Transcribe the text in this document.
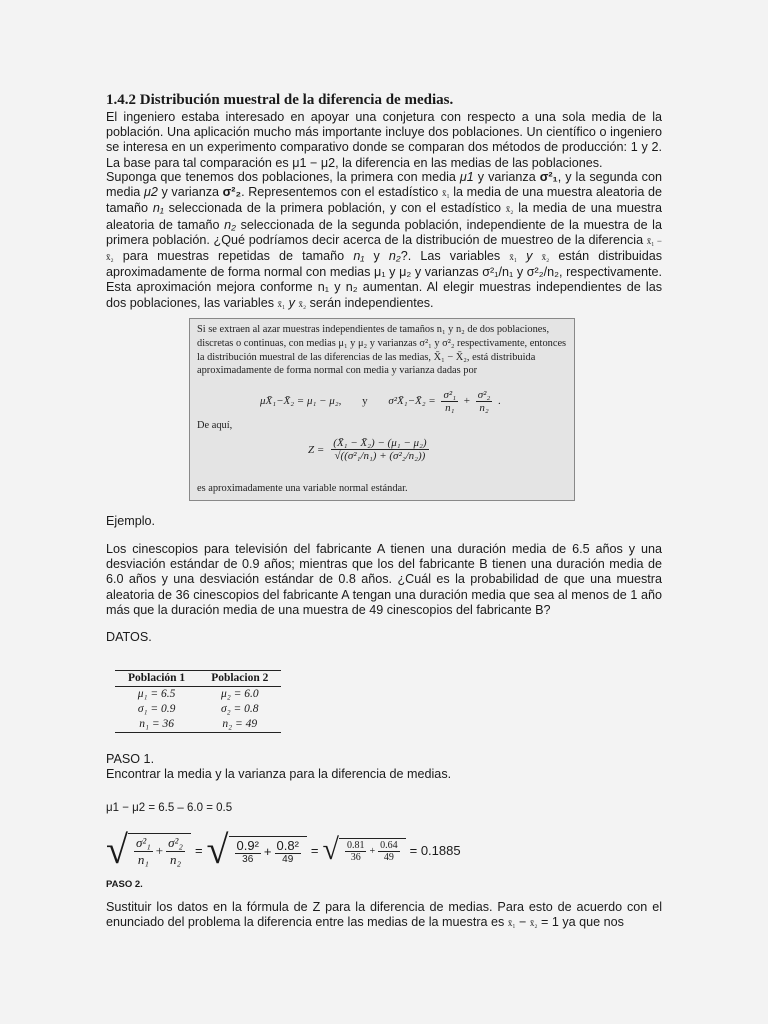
1.4.2 Distribución muestral de la diferencia de medias.

El ingeniero estaba interesado en apoyar una conjetura con respecto a una sola media de la población. Una aplicación mucho más importante incluye dos poblaciones. Un científico o ingeniero se interesa en un experimento comparativo donde se comparan dos métodos de producción: 1 y 2. La base para tal comparación es μ1 − μ2, la diferencia en las medias de las poblaciones.

Suponga que tenemos dos poblaciones, la primera con media μ1 y varianza σ²₁, y la segunda con media μ2 y varianza σ²₂. Representemos con el estadístico x̄₁ la media de una muestra aleatoria de tamaño n₁ seleccionada de la primera población, y con el estadístico x̄₂ la media de una muestra aleatoria de tamaño n₂ seleccionada de la segunda población, independiente de la muestra de la primera población. ¿Qué podríamos decir acerca de la distribución de muestreo de la diferencia x̄₁ − x̄₂ para muestras repetidas de tamaño n₁ y n₂?. Las variables x̄₁ y x̄₂ están distribuidas aproximadamente de forma normal con medias μ₁ y μ₂ y varianzas σ²₁/n₁ y σ²₂/n₂, respectivamente. Esta aproximación mejora conforme n₁ y n₂ aumentan. Al elegir muestras independientes de las dos poblaciones, las variables x̄₁ y x̄₂ serán independientes.

Si se extraen al azar muestras independientes de tamaños n₁ y n₂ de dos poblaciones, discretas o continuas, con medias μ₁ y μ₂ y varianzas σ²₁ y σ²₂ respectivamente, entonces la distribución muestral de las diferencias de las medias, X̄₁ − X̄₂, está distribuida aproximadamente de forma normal con media y varianza dadas por
μX̄₁−X̄₂ = μ₁ − μ₂, y σ²X̄₁−X̄₂ = $\frac{\text{σ²₁}}{\text{n₁}} + \frac{\text{σ²₂}}{\text{n₂}}$ .
De aquí,
$Z = \frac{\text{(X̄₁ − X̄₂) − (μ₁ − μ₂)}}{\text{√((σ²₁/n₁) + (σ²₂/n₂))}}$
es aproximadamente una variable normal estándar.
Ejemplo.

Los cinescopios para televisión del fabricante A tienen una duración media de 6.5 años y una desviación estándar de 0.9 años; mientras que los del fabricante B tienen una duración media de 6.0 años y una desviación estándar de 0.8 años. ¿Cuál es la probabilidad de que una muestra aleatoria de 36 cinescopios del fabricante A tengan una duración media que sea al menos de 1 año más que la duración media de una muestra de 49 cinescopios del fabricante B?

DATOS.
Población 1	Poblacion 2
μ₁ = 6.5	μ₂ = 6.0
σ₁ = 0.9	σ₂ = 0.8
n₁ = 36	n₂ = 49
PASO 1.
Encontrar la media y la varianza para la diferencia de medias.
μ1 − μ2 = 6.5 – 6.0 = 0.5
√ $\frac{\text{σ²₁}}{\text{n₁}} + \frac{\text{σ²₂}}{\text{n₂}}$ = √ $\frac{\text{0.9²}}{36} + \frac{\text{0.8²}}{49}$ = √ $\frac{0.81}{36} + \frac{0.64}{49} = 0.1885$
PASO 2.

Sustituir los datos en la fórmula de Z para la diferencia de medias. Para esto de acuerdo con el enunciado del problema la diferencia entre las medias de la muestra es x̄₁ − x̄₂ = 1 ya que nos
